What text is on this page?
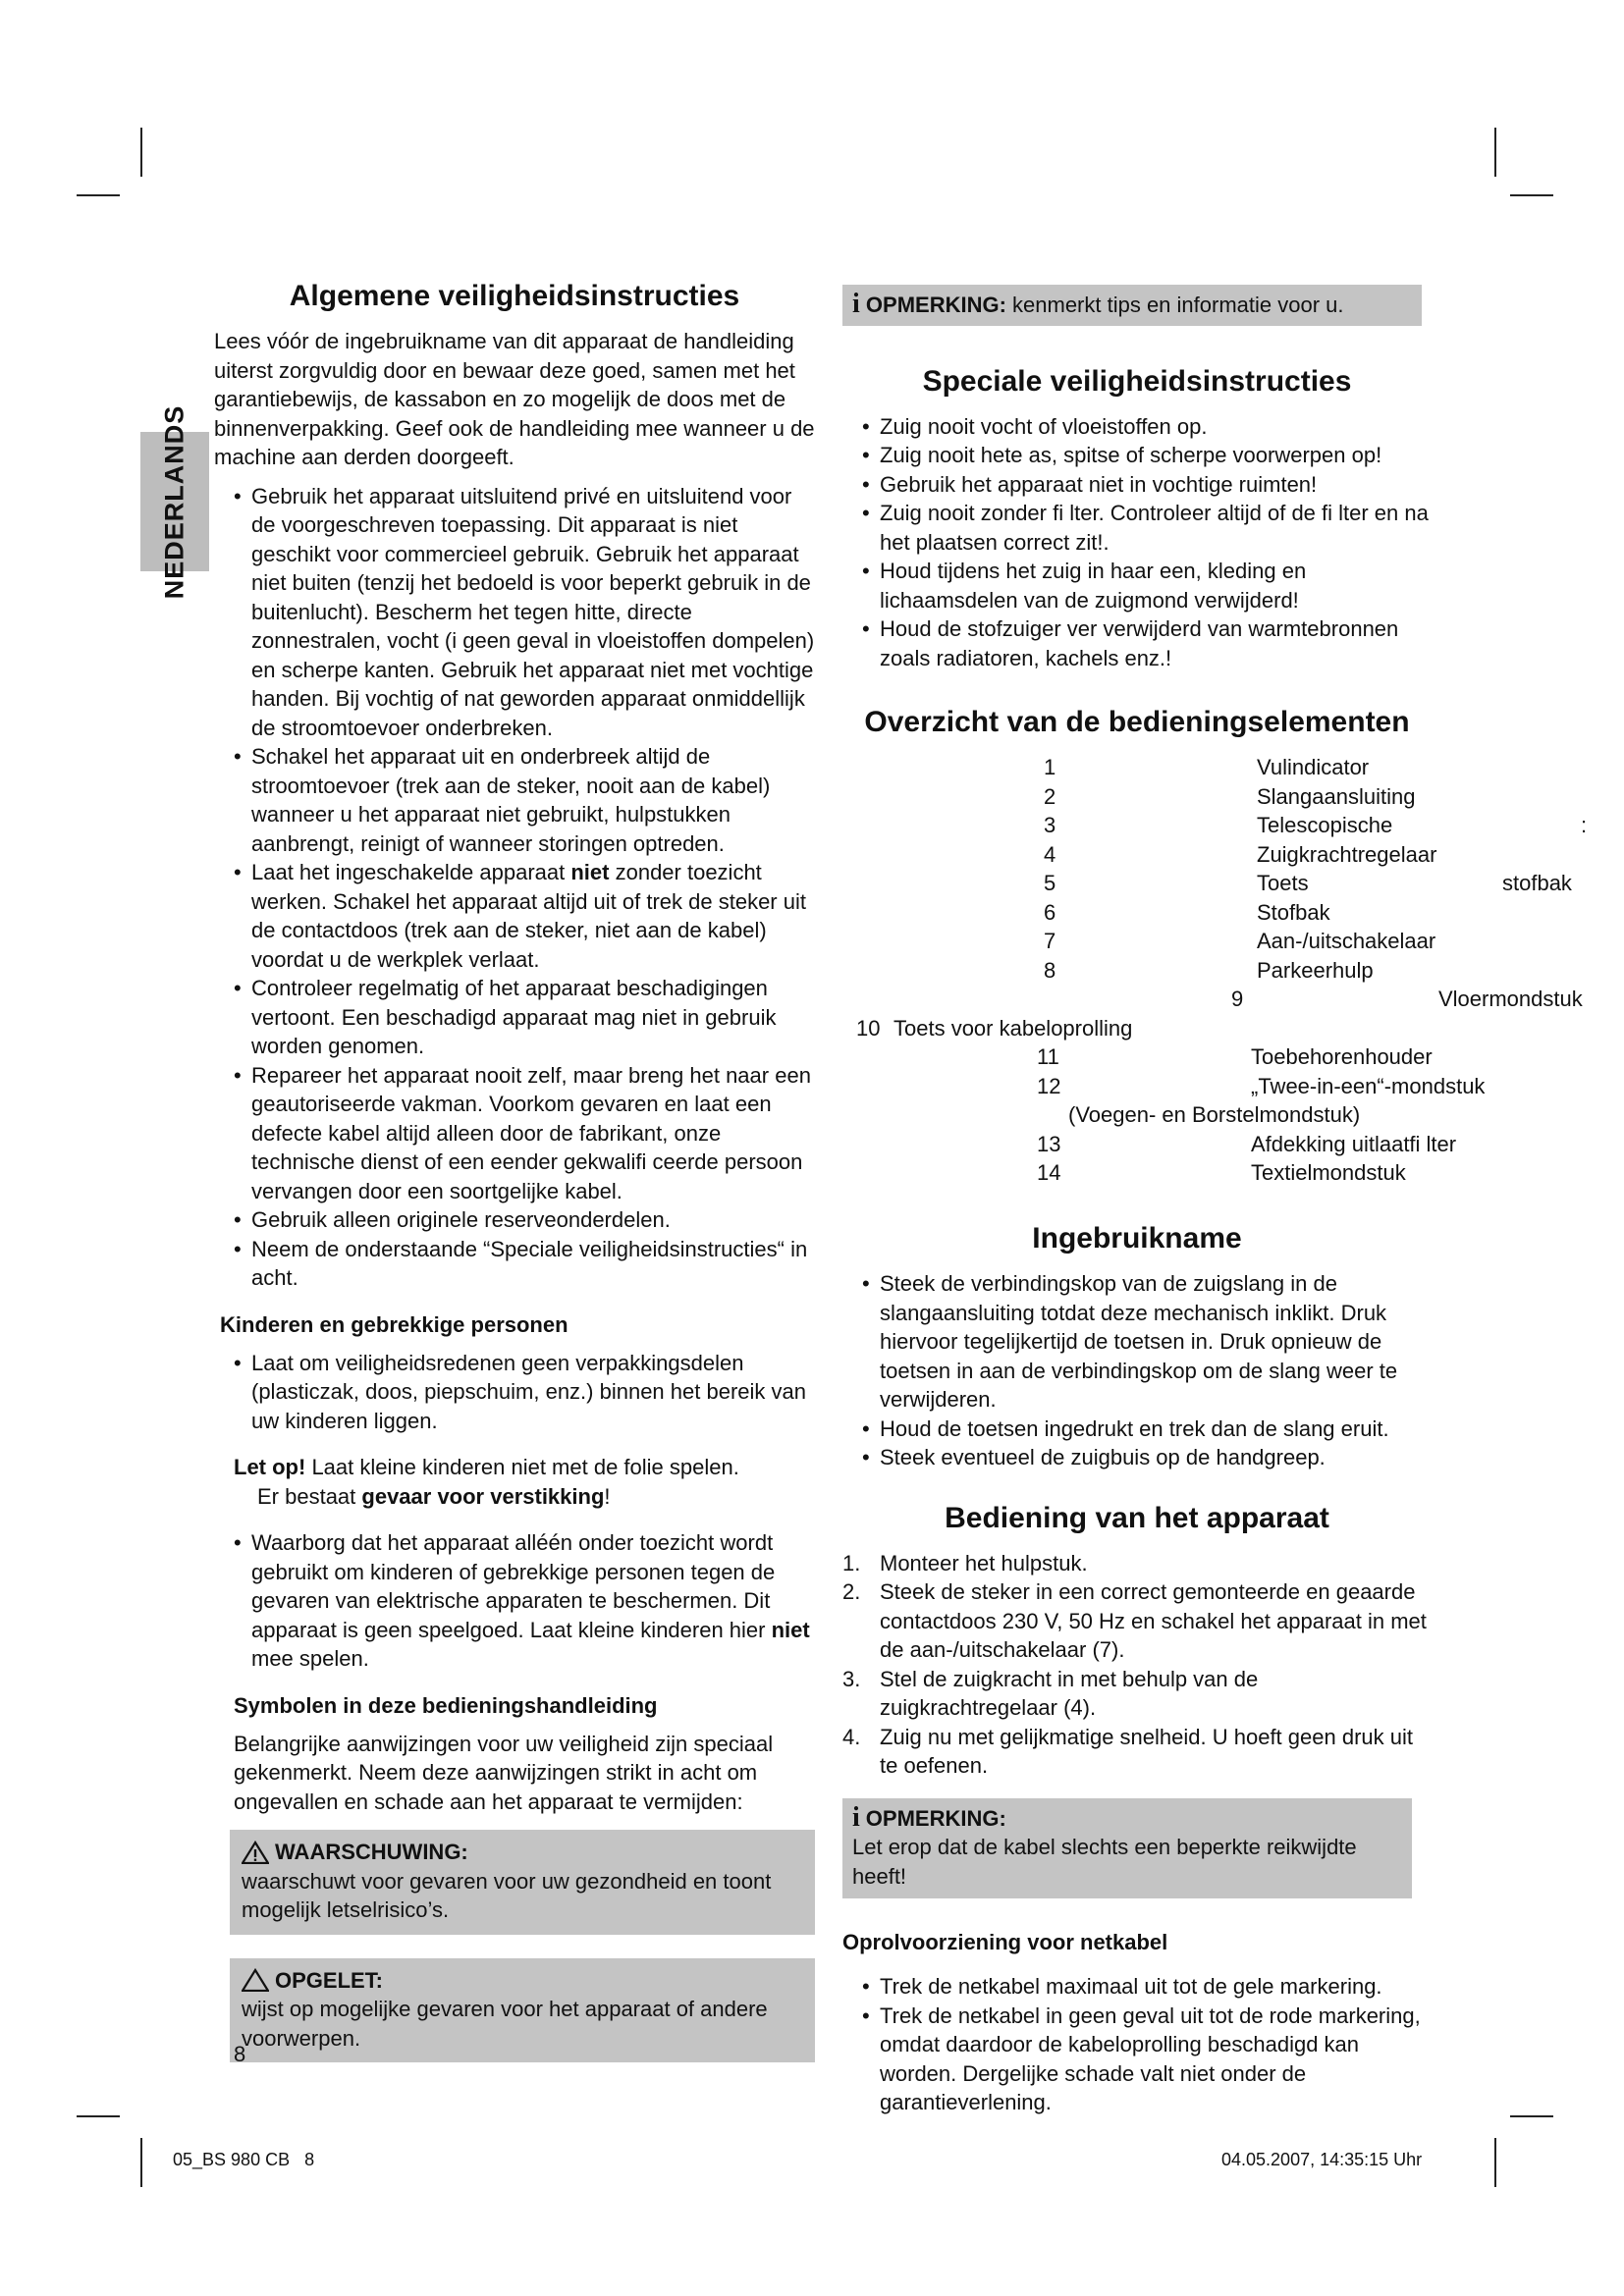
NEDERLANDS
Algemene veiligheidsinstructies

Lees vóór de ingebruikname van dit apparaat de handleiding uiterst zorgvuldig door en bewaar deze goed, samen met het garantiebewijs, de kassabon en zo mogelijk de doos met de binnenverpakking. Geef ook de handleiding mee wanneer u de machine aan derden doorgeeft.

• Gebruik het apparaat uitsluitend privé en uitsluitend voor de voorgeschreven toepassing. Dit apparaat is niet geschikt voor commercieel gebruik. Gebruik het apparaat niet buiten (tenzij het bedoeld is voor beperkt gebruik in de buitenlucht). Bescherm het tegen hitte, directe zonnestralen, vocht (i geen geval in vloeistoffen dompelen) en scherpe kanten. Gebruik het apparaat niet met vochtige handen. Bij vochtig of nat geworden apparaat onmiddellijk de stroomtoevoer onderbreken.
• Schakel het apparaat uit en onderbreek altijd de stroomtoevoer (trek aan de steker, nooit aan de kabel) wanneer u het apparaat niet gebruikt, hulpstukken aanbrengt, reinigt of wanneer storingen optreden.
• Laat het ingeschakelde apparaat niet zonder toezicht werken. Schakel het apparaat altijd uit of trek de steker uit de contactdoos (trek aan de steker, niet aan de kabel) voordat u de werkplek verlaat.
• Controleer regelmatig of het apparaat beschadigingen vertoont. Een beschadigd apparaat mag niet in gebruik worden genomen.
• Repareer het apparaat nooit zelf, maar breng het naar een geautoriseerde vakman. Voorkom gevaren en laat een defecte kabel altijd alleen door de fabrikant, onze technische dienst of een eender gekwalifi ceerde persoon vervangen door een soortgelijke kabel.
• Gebruik alleen originele reserveonderdelen.
• Neem de onderstaande “Speciale veiligheidsinstructies“ in acht.
Kinderen en gebrekkige personen
• Laat om veiligheidsredenen geen verpakkingsdelen (plasticzak, doos, piepschuim, enz.) binnen het bereik van uw kinderen liggen.
Let op! Laat kleine kinderen niet met de folie spelen.
Er bestaat gevaar voor verstikking!
• Waarborg dat het apparaat alléén onder toezicht wordt gebruikt om kinderen of gebrekkige personen tegen de gevaren van elektrische apparaten te beschermen. Dit apparaat is geen speelgoed. Laat kleine kinderen hier niet mee spelen.
Symbolen in deze bedieningshandleiding

Belangrijke aanwijzingen voor uw veiligheid zijn speciaal gekenmerkt. Neem deze aanwijzingen strikt in acht om ongevallen en schade aan het apparaat te vermijden:

WAARSCHUWING:
waarschuwt voor gevaren voor uw gezondheid en toont mogelijk letselrisico’s.
OPGELET:
wijst op mogelijke gevaren voor het apparaat of andere voorwerpen.
8
i OPMERKING: kenmerkt tips en informatie voor u.
Speciale veiligheidsinstructies
• Zuig nooit vocht of vloeistoffen op.
• Zuig nooit hete as, spitse of scherpe voorwerpen op!
• Gebruik het apparaat niet in vochtige ruimten!
• Zuig nooit zonder fi lter. Controleer altijd of de fi lter en na het plaatsen correct zit!.
• Houd tijdens het zuig in haar een, kleding en lichaamsdelen van de zuigmond verwijderd!
• Houd de stofzuiger ver verwijderd van warmtebronnen zoals radiatoren, kachels enz.!
Overzicht van de bedieningselementen
1	Vulindicator
2	Slangaansluiting
3	Telescopische	:
4	Zuigkrachtregelaar
5	Toets	stofbak
6	Stofbak
7	Aan-/uitschakelaar
8	Parkeerhulp
9	Vloermondstuk
10 Toets voor kabeloprolling
11	Toebehorenhouder
12	„Twee-in-een“-mondstuk
(Voegen- en Borstelmondstuk)
13	Afdekking uitlaatfi lter
14	Textielmondstuk
Ingebruikname
• Steek de verbindingskop van de zuigslang in de slangaansluiting totdat deze mechanisch inklikt. Druk hiervoor tegelijkertijd de toetsen in. Druk opnieuw de toetsen in aan de verbindingskop om de slang weer te verwijderen.
• Houd de toetsen ingedrukt en trek dan de slang eruit.
• Steek eventueel de zuigbuis op de handgreep.
Bediening van het apparaat
1. Monteer het hulpstuk.
2. Steek de steker in een correct gemonteerde en geaarde contactdoos 230 V, 50 Hz en schakel het apparaat in met de aan-/uitschakelaar (7).
3. Stel de zuigkracht in met behulp van de zuigkrachtregelaar (4).
4. Zuig nu met gelijkmatige snelheid. U hoeft geen druk uit te oefenen.
i OPMERKING:
Let erop dat de kabel slechts een beperkte reikwijdte heeft!
Oprolvoorziening voor netkabel
• Trek de netkabel maximaal uit tot de gele markering.
• Trek de netkabel in geen geval uit tot de rode markering, omdat daardoor de kabeloprolling beschadigd kan worden. Dergelijke schade valt niet onder de garantieverlening.
05_BS 980 CB   8	04.05.2007, 14:35:15 Uhr
